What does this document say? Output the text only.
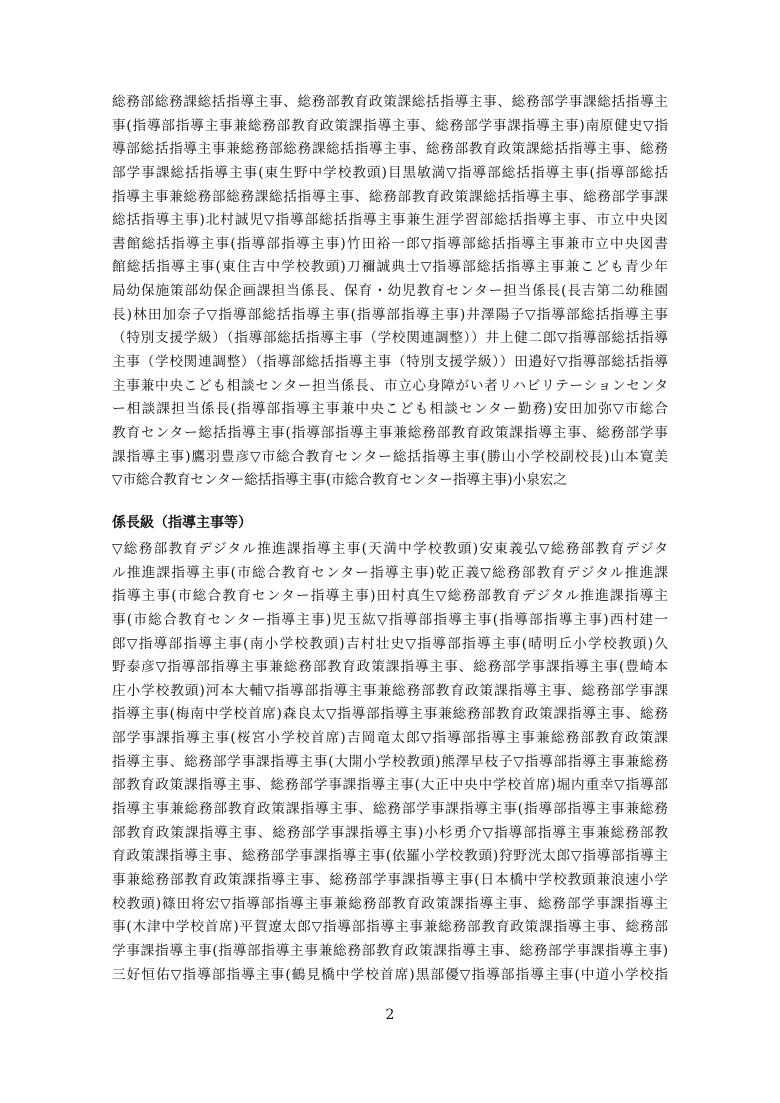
総務部総務課総括指導主事、総務部教育政策課総括指導主事、総務部学事課総括指導主
事(指導部指導主事兼総務部教育政策課指導主事、総務部学事課指導主事)南原健史▽指
導部総括指導主事兼総務部総務課総括指導主事、総務部教育政策課総括指導主事、総務
部学事課総括指導主事(東生野中学校教頭)目黒敏満▽指導部総括指導主事(指導部総括
指導主事兼総務部総務課総括指導主事、総務部教育政策課総括指導主事、総務部学事課
総括指導主事)北村誠児▽指導部総括指導主事兼生涯学習部総括指導主事、市立中央図
書館総括指導主事(指導部指導主事)竹田裕一郎▽指導部総括指導主事兼市立中央図書
館総括指導主事(東住吉中学校教頭)刀禰誠典士▽指導部総括指導主事兼こども青少年
局幼保施策部幼保企画課担当係長、保育・幼児教育センター担当係長(長吉第二幼稚園
長)林田加奈子▽指導部総括指導主事(指導部指導主事)井澤陽子▽指導部総括指導主事
（特別支援学級）（指導部総括指導主事（学校関連調整））井上健二郎▽指導部総括指導
主事（学校関連調整）（指導部総括指導主事（特別支援学級））田邉好▽指導部総括指導
主事兼中央こども相談センター担当係長、市立心身障がい者リハビリテーションセンタ
ー相談課担当係長(指導部指導主事兼中央こども相談センター勤務)安田加弥▽市総合
教育センター総括指導主事(指導部指導主事兼総務部教育政策課指導主事、総務部学事
課指導主事)鷹羽豊彦▽市総合教育センター総括指導主事(勝山小学校副校長)山本寛美
▽市総合教育センター総括指導主事(市総合教育センター指導主事)小泉宏之
係長級（指導主事等）
▽総務部教育デジタル推進課指導主事(天満中学校教頭)安東義弘▽総務部教育デジタ
ル推進課指導主事(市総合教育センター指導主事)乾正義▽総務部教育デジタル推進課
指導主事(市総合教育センター指導主事)田村真生▽総務部教育デジタル推進課指導主
事(市総合教育センター指導主事)児玉紘▽指導部指導主事(指導部指導主事)西村建一
郎▽指導部指導主事(南小学校教頭)吉村壮史▽指導部指導主事(晴明丘小学校教頭)久
野泰彦▽指導部指導主事兼総務部教育政策課指導主事、総務部学事課指導主事(豊崎本
庄小学校教頭)河本大輔▽指導部指導主事兼総務部教育政策課指導主事、総務部学事課
指導主事(梅南中学校首席)森良太▽指導部指導主事兼総務部教育政策課指導主事、総務
部学事課指導主事(桜宮小学校首席)吉岡竜太郎▽指導部指導主事兼総務部教育政策課
指導主事、総務部学事課指導主事(大開小学校教頭)熊澤早枝子▽指導部指導主事兼総務
部教育政策課指導主事、総務部学事課指導主事(大正中央中学校首席)堀内重幸▽指導部
指導主事兼総務部教育政策課指導主事、総務部学事課指導主事(指導部指導主事兼総務
部教育政策課指導主事、総務部学事課指導主事)小杉勇介▽指導部指導主事兼総務部教
育政策課指導主事、総務部学事課指導主事(依羅小学校教頭)狩野洸太郎▽指導部指導主
事兼総務部教育政策課指導主事、総務部学事課指導主事(日本橋中学校教頭兼浪速小学
校教頭)篠田将宏▽指導部指導主事兼総務部教育政策課指導主事、総務部学事課指導主
事(木津中学校首席)平賀遼太郎▽指導部指導主事兼総務部教育政策課指導主事、総務部
学事課指導主事(指導部指導主事兼総務部教育政策課指導主事、総務部学事課指導主事)
三好恒佑▽指導部指導主事(鶴見橋中学校首席)黒部優▽指導部指導主事(中道小学校指
2
